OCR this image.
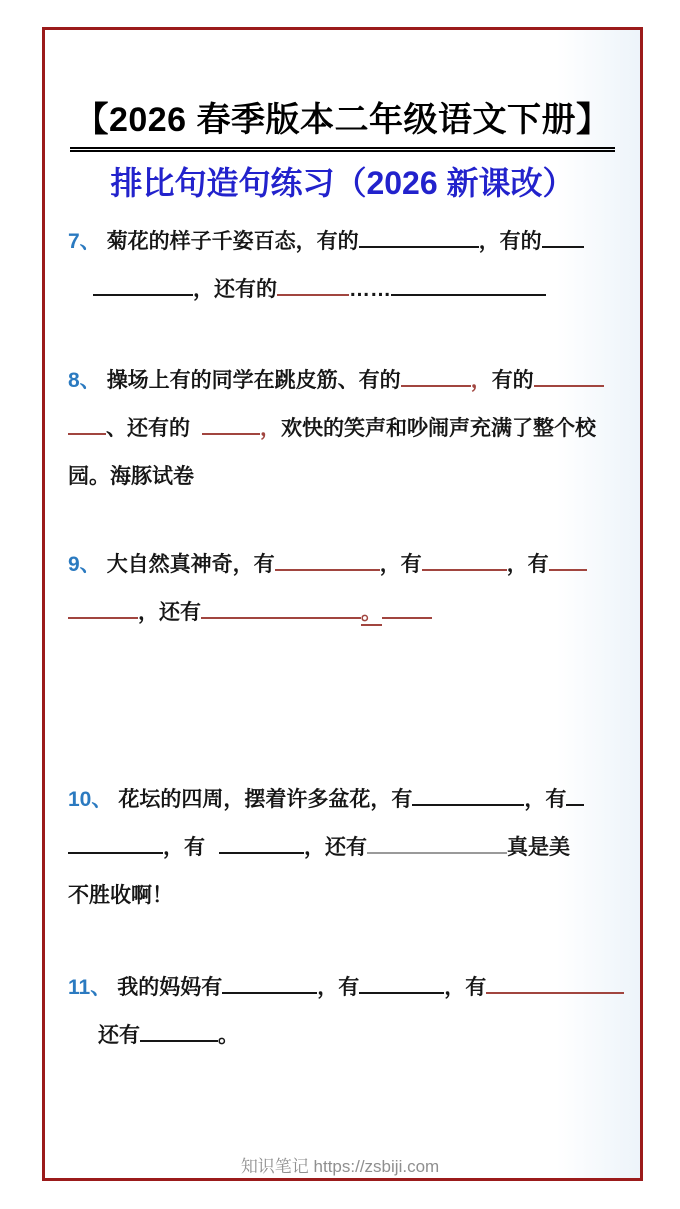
【2026 春季版本二年级语文下册】
排比句造句练习（2026 新课改）
7、 菊花的样子千姿百态，有的	，有的
，还有的	……
8、 操场上有的同学在跳皮筋、有的	，有的
、还有的	，欢快的笑声和吵闹声充满了整个校
园。海豚试卷
9、 大自然真神奇，有	，有	，有
，还有	。
10、 花坛的四周，摆着许多盆花，有	，有
，有	，还有	真是美
不胜收啊！
11、 我的妈妈有	，有	，有
还有	。
知识笔记 https://zsbiji.com
